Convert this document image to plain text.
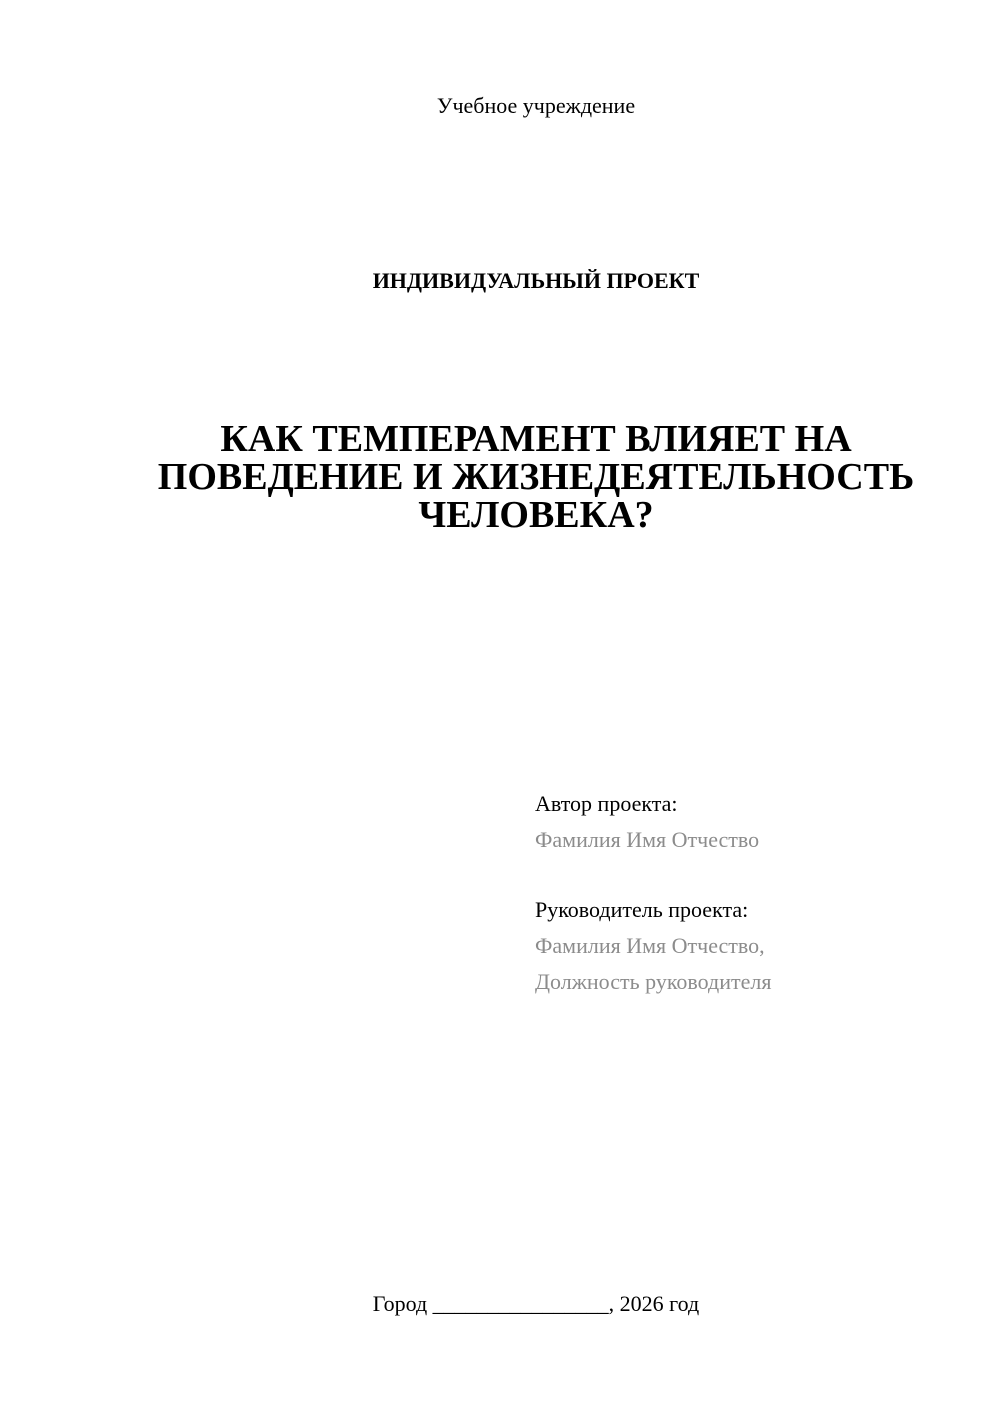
Учебное учреждение
ИНДИВИДУАЛЬНЫЙ ПРОЕКТ
КАК ТЕМПЕРАМЕНТ ВЛИЯЕТ НА
ПОВЕДЕНИЕ И ЖИЗНЕДЕЯТЕЛЬНОСТЬ
ЧЕЛОВЕКА?
Автор проекта:
Фамилия Имя Отчество
Руководитель проекта:
Фамилия Имя Отчество,
Должность руководителя
Город ________________, 2026 год
